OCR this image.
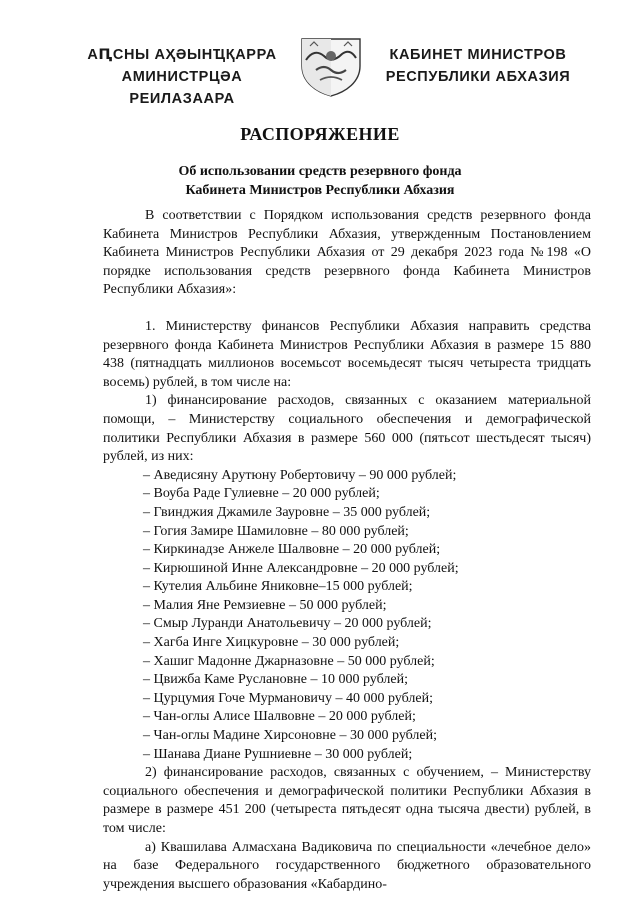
АԤСНЫ АҲӘЫНҴҚАРРА
АМИНИСТРЦӘА РЕИЛАЗААРА
КАБИНЕТ МИНИСТРОВ
РЕСПУБЛИКИ АБХАЗИЯ
РАСПОРЯЖЕНИЕ
Об использовании средств резервного фонда
Кабинета Министров Республики Абхазия

В соответствии с Порядком использования средств резервного фонда Кабинета Министров Республики Абхазия, утвержденным Постановлением Кабинета Министров Республики Абхазия от 29 декабря 2023 года №198 «О порядке использования средств резервного фонда Кабинета Министров Республики Абхазия»:

1. Министерству финансов Республики Абхазия направить средства резервного фонда Кабинета Министров Республики Абхазия в размере 15 880 438 (пятнадцать миллионов восемьсот восемьдесят тысяч четыреста тридцать восемь) рублей, в том числе на:

1) финансирование расходов, связанных с оказанием материальной помощи, – Министерству социального обеспечения и демографической политики Республики Абхазия в размере 560 000 (пятьсот шестьдесят тысяч) рублей, из них:

– Аведисяну Арутюну Робертовичу – 90 000 рублей;

– Воуба Раде Гулиевне – 20 000 рублей;

– Гвинджия Джамиле Зауровне – 35 000 рублей;

– Гогия Замире Шамиловне – 80 000 рублей;

– Киркинадзе Анжеле Шалвовне – 20 000 рублей;

– Кирюшиной Инне Александровне – 20 000 рублей;

– Кутелия Альбине Яниковне–15 000 рублей;

– Малия Яне Ремзиевне – 50 000 рублей;

– Смыр Луранди Анатольевичу – 20 000 рублей;

– Хагба Инге Хицкуровне – 30 000 рублей;

– Хашиг Мадонне Джарназовне – 50 000 рублей;

– Цвижба Каме Руслановне – 10 000 рублей;

– Цурцумия Гоче Мурмановичу – 40 000 рублей;

– Чан-оглы Алисе Шалвовне – 20 000 рублей;

– Чан-оглы Мадине Хирсоновне – 30 000 рублей;

– Шанава Диане Рушниевне – 30 000 рублей;

2) финансирование расходов, связанных с обучением, – Министерству социального обеспечения и демографической политики Республики Абхазия в размере в размере 451 200 (четыреста пятьдесят одна тысяча двести) рублей, в том числе:

а) Квашилава Алмасхана Вадиковича по специальности «лечебное дело» на базе Федерального государственного бюджетного образовательного учреждения высшего образования «Кабардино-
